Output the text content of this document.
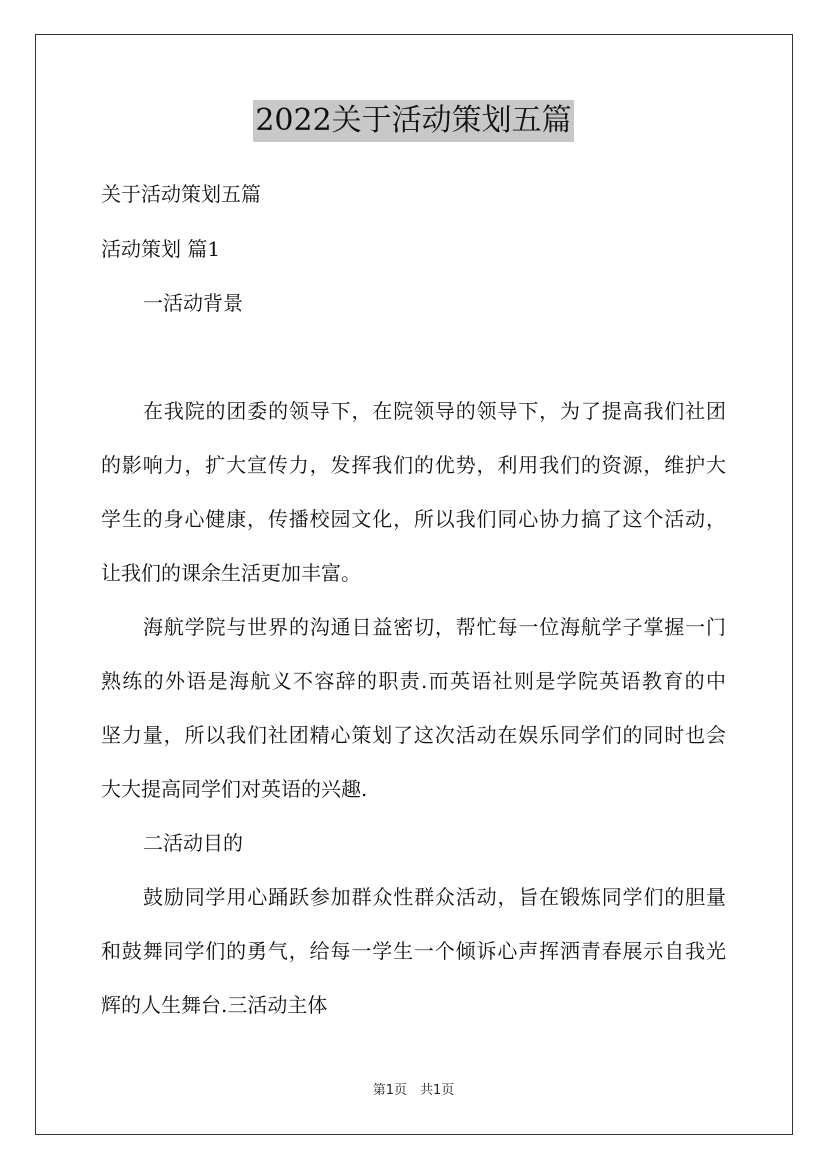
2022关于活动策划五篇
关于活动策划五篇
活动策划 篇1
一活动背景
在我院的团委的领导下，在院领导的领导下，为了提高我们社团
的影响力，扩大宣传力，发挥我们的优势，利用我们的资源，维护大
学生的身心健康，传播校园文化，所以我们同心协力搞了这个活动，
让我们的课余生活更加丰富。
海航学院与世界的沟通日益密切，帮忙每一位海航学子掌握一门
熟练的外语是海航义不容辞的职责.而英语社则是学院英语教育的中
坚力量，所以我们社团精心策划了这次活动在娱乐同学们的同时也会
大大提高同学们对英语的兴趣.
二活动目的
鼓励同学用心踊跃参加群众性群众活动，旨在锻炼同学们的胆量
和鼓舞同学们的勇气，给每一学生一个倾诉心声挥洒青春展示自我光
辉的人生舞台.三活动主体
第1页　共1页
